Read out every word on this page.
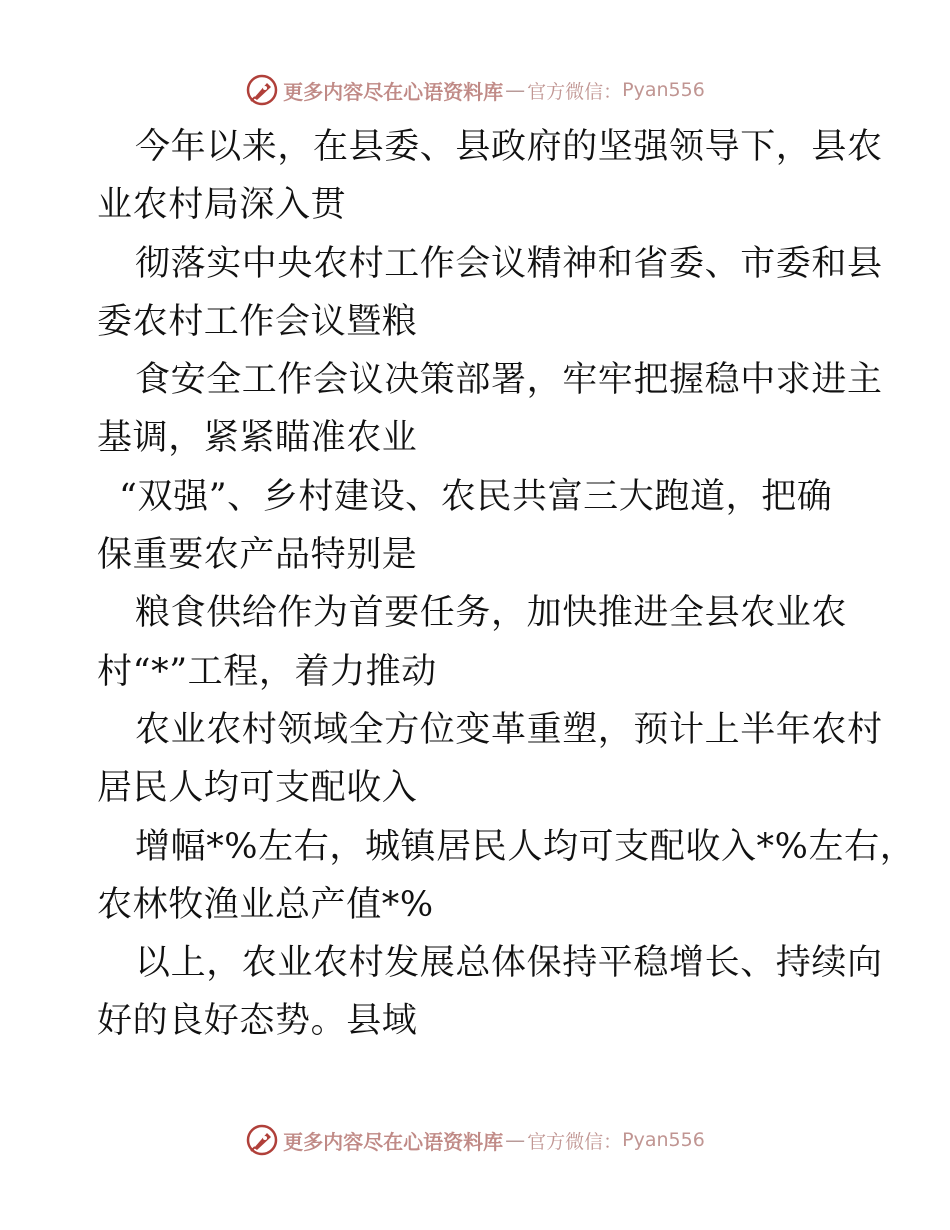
更多内容尽在心语资料库 — 官方微信： Pyan556
今年以来，在县委、县政府的坚强领导下，县农
业农村局深入贯
彻落实中央农村工作会议精神和省委、市委和县
委农村工作会议暨粮
食安全工作会议决策部署，牢牢把握稳中求进主
基调，紧紧瞄准农业
“双强”、乡村建设、农民共富三大跑道，把确
保重要农产品特别是
粮食供给作为首要任务，加快推进全县农业农
村“*”工程，着力推动
农业农村领域全方位变革重塑，预计上半年农村
居民人均可支配收入
增幅*%左右，城镇居民人均可支配收入*%左右，
农林牧渔业总产值*%
以上，农业农村发展总体保持平稳增长、持续向
好的良好态势。县域
更多内容尽在心语资料库 — 官方微信： Pyan556
